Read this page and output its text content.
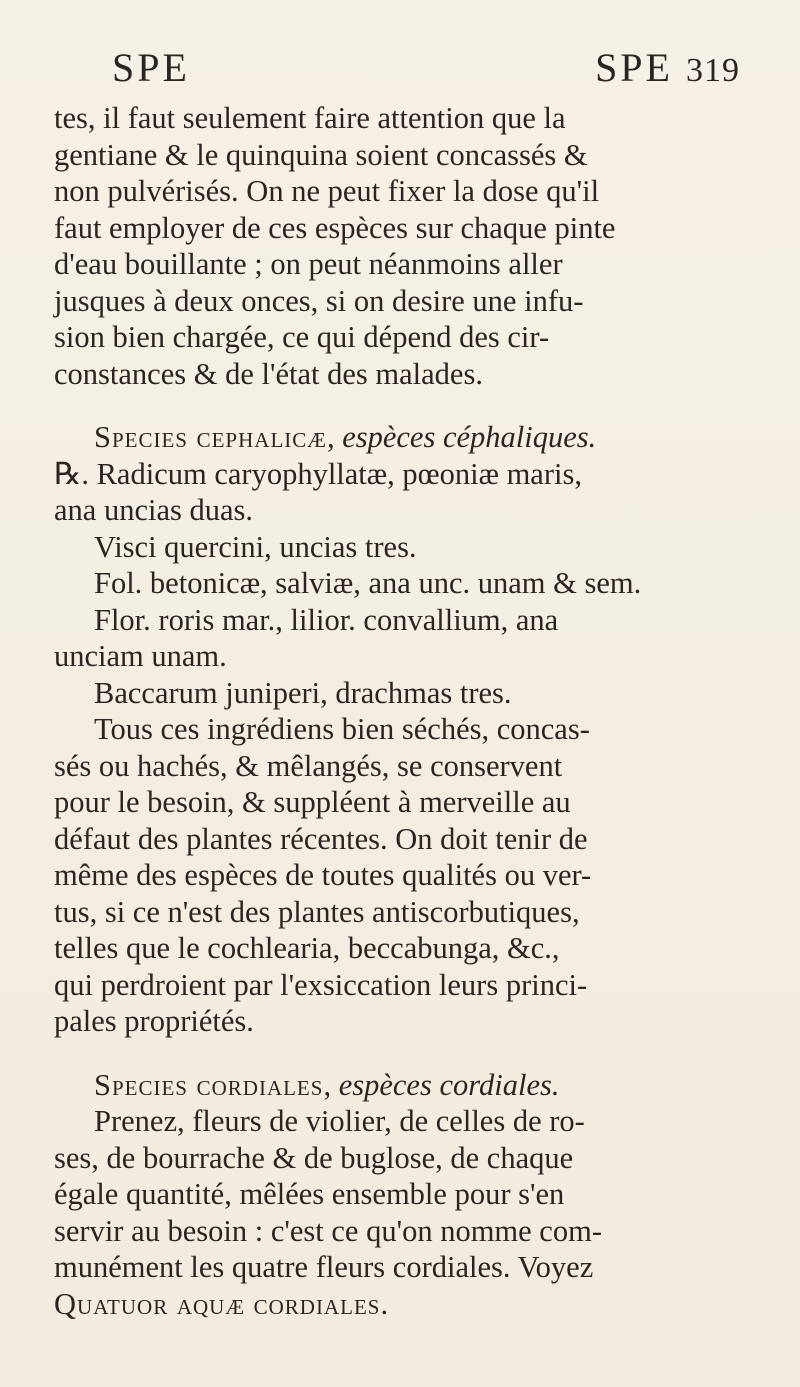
SPE	SPE 319
tes, il faut seulement faire attention que la
gentiane & le quinquina soient concassés &
non pulvérisés. On ne peut fixer la dose qu'il
faut employer de ces espèces sur chaque pinte
d'eau bouillante ; on peut néanmoins aller
jusques à deux onces, si on desire une infu-
sion bien chargée, ce qui dépend des cir-
constances & de l'état des malades.
Species cephalicæ, espèces céphaliques.
℞. Radicum caryophyllatæ, pœoniæ maris,
ana uncias duas.
Visci quercini, uncias tres.
Fol. betonicæ, salviæ, ana unc. unam & sem.
Flor. roris mar., lilior. convallium, ana
unciam unam.
Baccarum juniperi, drachmas tres.
Tous ces ingrédiens bien séchés, concas-
sés ou hachés, & mêlangés, se conservent
pour le besoin, & suppléent à merveille au
défaut des plantes récentes. On doit tenir de
même des espèces de toutes qualités ou ver-
tus, si ce n'est des plantes antiscorbutiques,
telles que le cochlearia, beccabunga, &c.,
qui perdroient par l'exsiccation leurs princi-
pales propriétés.
Species cordiales, espèces cordiales.
Prenez, fleurs de violier, de celles de ro-
ses, de bourrache & de buglose, de chaque
égale quantité, mêlées ensemble pour s'en
servir au besoin : c'est ce qu'on nomme com-
munément les quatre fleurs cordiales. Voyez
Quatuor aquæ cordiales.
